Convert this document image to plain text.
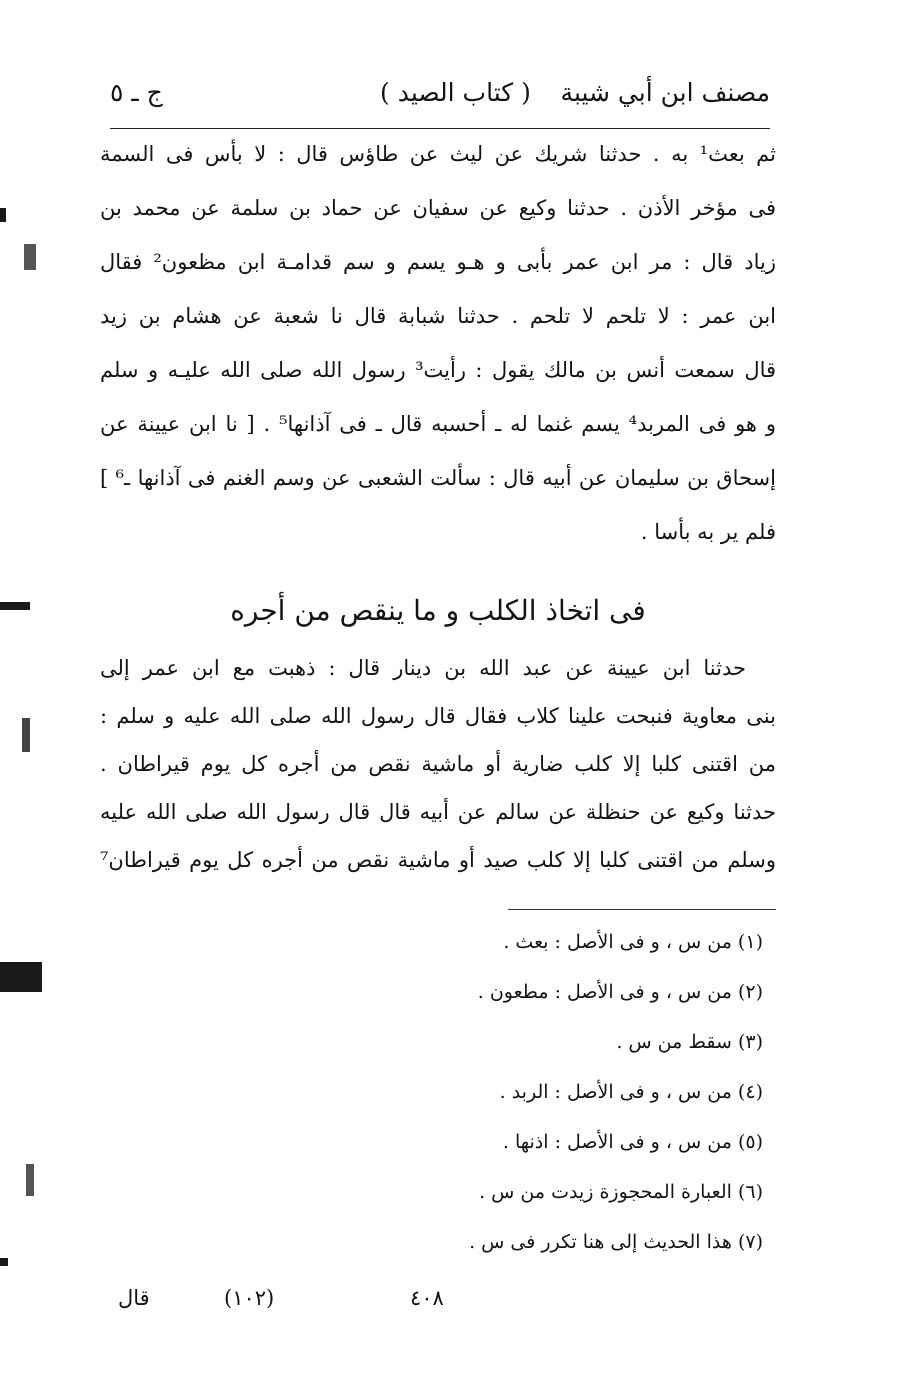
مصنف ابن أبي شيبة
( كتاب الصيد )
ج ـ ٥
ثم بعث¹ به . حدثنا شريك عن ليث عن طاؤس قال : لا بأس فى السمة
فى مؤخر الأذن . حدثنا وكيع عن سفيان عن حماد بن سلمة عن محمد بن
زياد قال : مر ابن عمر بأبى و هـو يسم و سم قدامـة ابن مظعون² فقال
ابن عمر : لا تلحم لا تلحم . حدثنا شبابة قال نا شعبة عن هشام بن زيد
قال سمعت أنس بن مالك يقول : رأيت³ رسول الله صلى الله عليـه و سلم
و هو فى المربد⁴ يسم غنما له ـ أحسبه قال ـ فى آذانها⁵ . [ نا ابن عيينة عن
إسحاق بن سليمان عن أبيه قال : سألت الشعبى عن وسم الغنم فى آذانها ـ⁶ ]
فلم ير به بأسا .
فى اتخاذ الكلب و ما ينقص من أجره
حدثنا ابن عيينة عن عبد الله بن دينار قال : ذهبت مع ابن عمر إلى
بنى معاوية فنبحت علينا كلاب فقال قال رسول الله صلى الله عليه و سلم :
من اقتنى كلبا إلا كلب ضارية أو ماشية نقص من أجره كل يوم قيراطان .
حدثنا وكيع عن حنظلة عن سالم عن أبيه قال قال رسول الله صلى الله عليه
وسلم من اقتنى كلبا إلا كلب صيد أو ماشية نقص من أجره كل يوم قيراطان⁷
(١) من س ، و فى الأصل : بعث .
(٢) من س ، و فى الأصل : مطعون .
(٣) سقط من س .
(٤) من س ، و فى الأصل : الربد .
(٥) من س ، و فى الأصل : اذنها .
(٦) العبارة المحجوزة زيدت من س .
(٧) هذا الحديث إلى هنا تكرر فى س .
قال	(١٠٢)	٤٠٨
